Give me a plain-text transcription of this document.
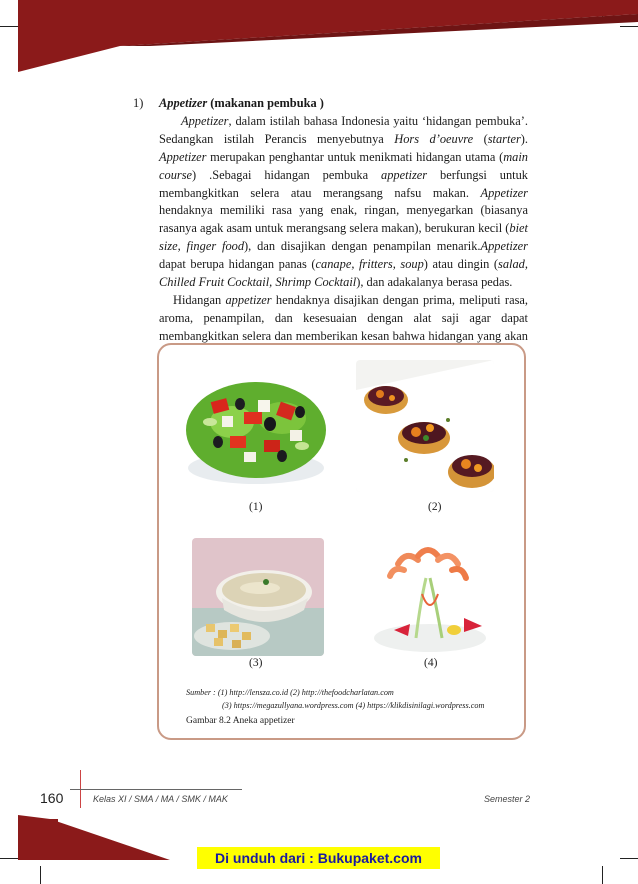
1) Appetizer (makanan pembuka )

Appetizer, dalam istilah bahasa Indonesia yaitu ‘hidangan pembuka’. Sedangkan istilah Perancis menyebutnya Hors d’oeuvre (starter). Appetizer merupakan penghantar untuk menikmati hidangan utama (main course) .Sebagai hidangan pembuka appetizer berfungsi untuk membangkitkan selera atau merangsang nafsu makan. Appetizer hendaknya memiliki rasa yang enak, ringan, menyegarkan (biasanya rasanya agak asam untuk merangsang selera makan), berukuran kecil (biet size, finger food), dan disajikan dengan penampilan menarik.Appetizer dapat berupa hidangan panas (canape, fritters, soup) atau dingin (salad, Chilled Fruit Cocktail, Shrimp Cocktail), dan adakalanya berasa pedas.

Hidangan appetizer hendaknya disajikan dengan prima, meliputi rasa, aroma, penampilan, dan kesesuaian dengan alat saji agar dapat membangkitkan selera dan memberikan kesan bahwa hidangan yang akan

(1)	(2)
(3)	(4)
Sumber : (1) http://lensza.co.id (2) http://thefoodcharlatan.com
(3) https://megazullyana.wordpress.com (4) https://klikdisinilagi.wordpress.com
Gambar 8.2 Aneka appetizer
160	Kelas XI / SMA / MA / SMK / MAK	Semester 2
Di unduh dari : Bukupaket.com
